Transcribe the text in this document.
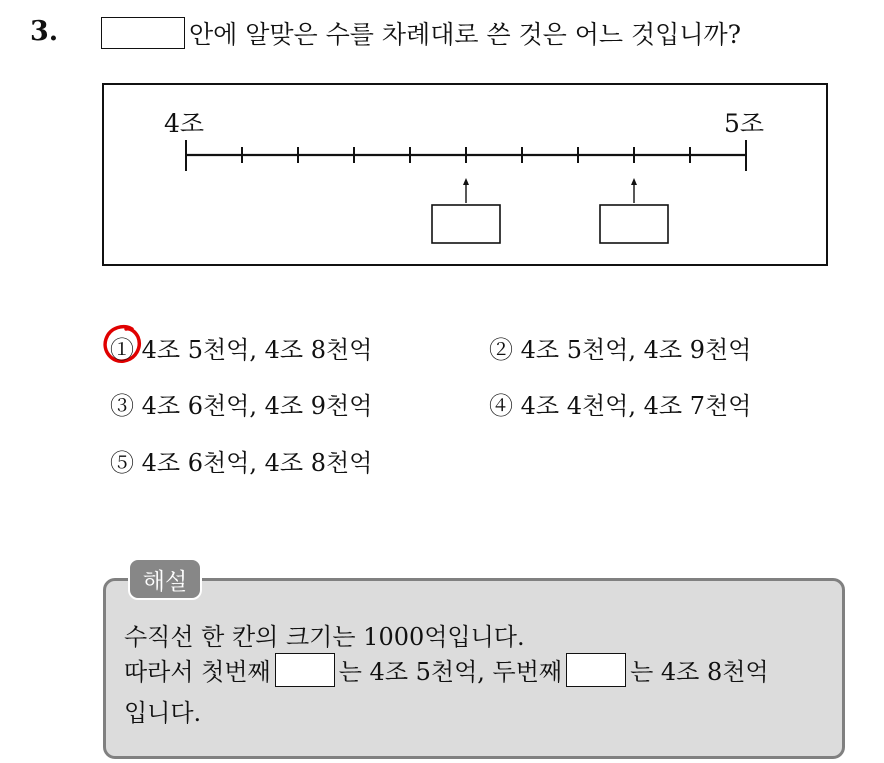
3.	안에 알맞은 수를 차례대로 쓴 것은 어느 것입니까?
4조	5조
① 4조 5천억, 4조 8천억	② 4조 5천억, 4조 9천억
③ 4조 6천억, 4조 9천억	④ 4조 4천억, 4조 7천억
⑤ 4조 6천억, 4조 8천억
해설
수직선 한 칸의 크기는 1000억입니다.
따라서 첫번째	는 4조 5천억, 두번째	는 4조 8천억
입니다.
